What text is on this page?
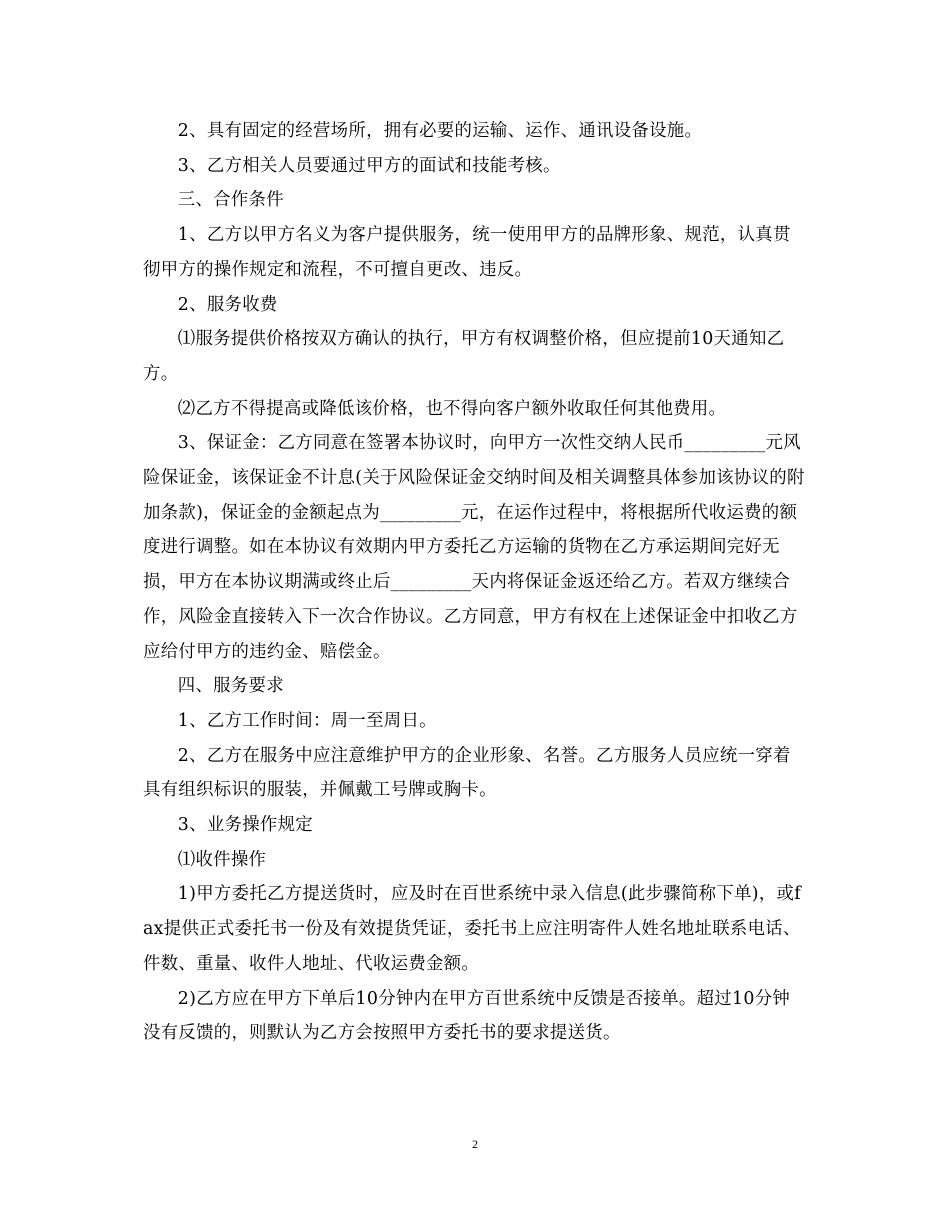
2、具有固定的经营场所，拥有必要的运输、运作、通讯设备设施。

3、乙方相关人员要通过甲方的面试和技能考核。

三、合作条件

1、乙方以甲方名义为客户提供服务，统一使用甲方的品牌形象、规范，认真贯彻甲方的操作规定和流程，不可擅自更改、违反。

2、服务收费

⑴服务提供价格按双方确认的执行，甲方有权调整价格，但应提前10天通知乙方。

⑵乙方不得提高或降低该价格，也不得向客户额外收取任何其他费用。

3、保证金：乙方同意在签署本协议时，向甲方一次性交纳人民币_________元风险保证金，该保证金不计息(关于风险保证金交纳时间及相关调整具体参加该协议的附加条款)，保证金的金额起点为_________元，在运作过程中，将根据所代收运费的额度进行调整。如在本协议有效期内甲方委托乙方运输的货物在乙方承运期间完好无损，甲方在本协议期满或终止后_________天内将保证金返还给乙方。若双方继续合作，风险金直接转入下一次合作协议。乙方同意，甲方有权在上述保证金中扣收乙方应给付甲方的违约金、赔偿金。

四、服务要求

1、乙方工作时间：周一至周日。

2、乙方在服务中应注意维护甲方的企业形象、名誉。乙方服务人员应统一穿着具有组织标识的服装，并佩戴工号牌或胸卡。

3、业务操作规定

⑴收件操作

1)甲方委托乙方提送货时，应及时在百世系统中录入信息(此步骤简称下单)，或fax提供正式委托书一份及有效提货凭证，委托书上应注明寄件人姓名地址联系电话、件数、重量、收件人地址、代收运费金额。

2)乙方应在甲方下单后10分钟内在甲方百世系统中反馈是否接单。超过10分钟没有反馈的，则默认为乙方会按照甲方委托书的要求提送货。

2
